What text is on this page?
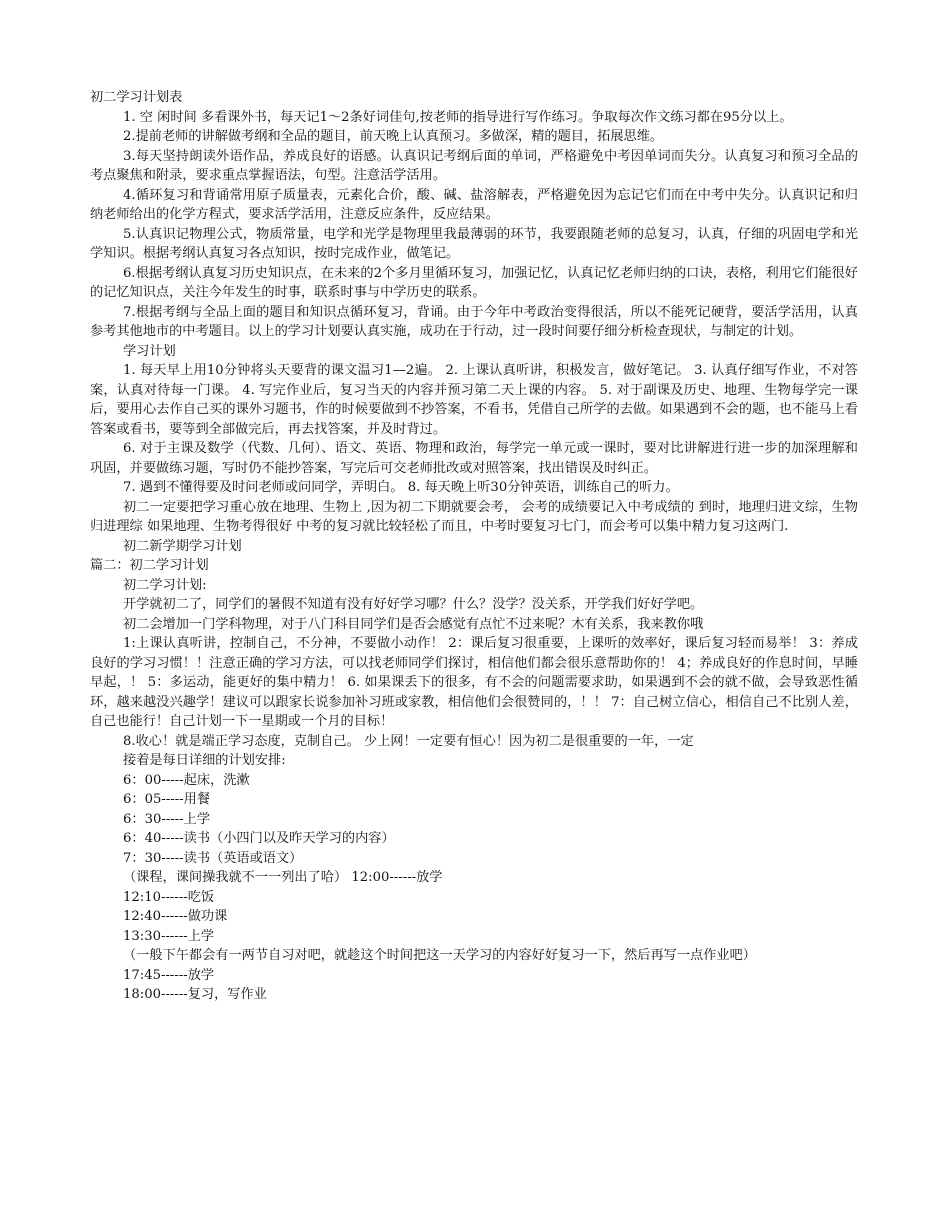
初二学习计划表

1. 空 闲时间 多看课外书，每天记1～2条好词佳句,按老师的指导进行写作练习。争取每次作文练习都在95分以上。

2.提前老师的讲解做考纲和全品的题目，前天晚上认真预习。多做深，精的题目，拓展思维。

3.每天坚持朗读外语作品，养成良好的语感。认真识记考纲后面的单词，严格避免中考因单词而失分。认真复习和预习全品的考点聚焦和附录，要求重点掌握语法，句型。注意活学活用。

4.循环复习和背诵常用原子质量表，元素化合价，酸、碱、盐溶解表，严格避免因为忘记它们而在中考中失分。认真识记和归纳老师给出的化学方程式，要求活学活用，注意反应条件，反应结果。

5.认真识记物理公式，物质常量，电学和光学是物理里我最薄弱的环节，我要跟随老师的总复习，认真，仔细的巩固电学和光学知识。根据考纲认真复习各点知识，按时完成作业，做笔记。

6.根据考纲认真复习历史知识点，在未来的2个多月里循环复习，加强记忆，认真记忆老师归纳的口诀，表格，利用它们能很好的记忆知识点，关注今年发生的时事，联系时事与中学历史的联系。

7.根据考纲与全品上面的题目和知识点循环复习，背诵。由于今年中考政治变得很活，所以不能死记硬背，要活学活用，认真参考其他地市的中考题目。以上的学习计划要认真实施，成功在于行动，过一段时间要仔细分析检查现状，与制定的计划。

学习计划

1. 每天早上用10分钟将头天要背的课文温习1—2遍。 2. 上课认真听讲，积极发言，做好笔记。 3. 认真仔细写作业，不对答案，认真对待每一门课。 4. 写完作业后，复习当天的内容并预习第二天上课的内容。 5. 对于副课及历史、地理、生物每学完一课后，要用心去作自己买的课外习题书，作的时候要做到不抄答案，不看书，凭借自己所学的去做。如果遇到不会的题，也不能马上看答案或看书，要等到全部做完后，再去找答案，并及时背过。

6. 对于主课及数学（代数、几何）、语文、英语、物理和政治，每学完一单元或一课时，要对比讲解进行进一步的加深理解和巩固，并要做练习题，写时仍不能抄答案，写完后可交老师批改或对照答案，找出错误及时纠正。

7. 遇到不懂得要及时问老师或问同学，弄明白。 8. 每天晚上听30分钟英语，训练自己的听力。

初二一定要把学习重心放在地理、生物上 ,因为初二下期就要会考， 会考的成绩要记入中考成绩的 到时，地理归进文综，生物归进理综 如果地理、生物考得很好 中考的复习就比较轻松了而且，中考时要复习七门，而会考可以集中精力复习这两门.

初二新学期学习计划

篇二：初二学习计划

初二学习计划:

开学就初二了，同学们的暑假不知道有没有好好学习哪？什么？没学？没关系，开学我们好好学吧。

初二会增加一门学科物理，对于八门科目同学们是否会感觉有点忙不过来呢？木有关系，我来教你哦

1:上课认真听讲，控制自己，不分神，不要做小动作！ 2：课后复习很重要，上课听的效率好，课后复习轻而易举！ 3：养成良好的学习习惯！！注意正确的学习方法，可以找老师同学们探讨，相信他们都会很乐意帮助你的！ 4；养成良好的作息时间，早睡早起，！ 5：多运动，能更好的集中精力！ 6. 如果课丢下的很多，有不会的问题需要求助，如果遇到不会的就不做，会导致恶性循环，越来越没兴趣学！建议可以跟家长说参加补习班或家教，相信他们会很赞同的，！！ 7：自己树立信心，相信自己不比别人差，自己也能行！自己计划一下一星期或一个月的目标！

8.收心！就是端正学习态度，克制自己。 少上网！一定要有恒心！因为初二是很重要的一年，一定

接着是每日详细的计划安排:

6：00-----起床，洗漱

6：05-----用餐

6：30-----上学

6：40-----读书（小四门以及昨天学习的内容）

7：30-----读书（英语或语文）

（课程，课间操我就不一一列出了哈） 12:00------放学

12:10------吃饭

12:40------做功课

13:30------上学

（一般下午都会有一两节自习对吧，就趁这个时间把这一天学习的内容好好复习一下，然后再写一点作业吧）

17:45------放学

18:00------复习，写作业
